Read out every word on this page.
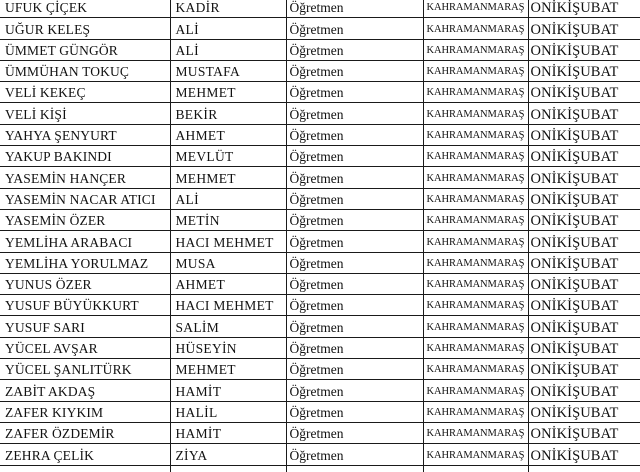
UFUK ÇİÇEK	KADİR	Öğretmen	KAHRAMANMARAŞ	ONİKİŞUBAT
UĞUR KELEŞ	ALİ	Öğretmen	KAHRAMANMARAŞ	ONİKİŞUBAT
ÜMMET GÜNGÖR	ALİ	Öğretmen	KAHRAMANMARAŞ	ONİKİŞUBAT
ÜMMÜHAN TOKUÇ	MUSTAFA	Öğretmen	KAHRAMANMARAŞ	ONİKİŞUBAT
VELİ KEKEÇ	MEHMET	Öğretmen	KAHRAMANMARAŞ	ONİKİŞUBAT
VELİ KİŞİ	BEKİR	Öğretmen	KAHRAMANMARAŞ	ONİKİŞUBAT
YAHYA ŞENYURT	AHMET	Öğretmen	KAHRAMANMARAŞ	ONİKİŞUBAT
YAKUP BAKINDI	MEVLÜT	Öğretmen	KAHRAMANMARAŞ	ONİKİŞUBAT
YASEMİN HANÇER	MEHMET	Öğretmen	KAHRAMANMARAŞ	ONİKİŞUBAT
YASEMİN NACAR ATICI	ALİ	Öğretmen	KAHRAMANMARAŞ	ONİKİŞUBAT
YASEMİN ÖZER	METİN	Öğretmen	KAHRAMANMARAŞ	ONİKİŞUBAT
YEMLİHA ARABACI	HACI MEHMET	Öğretmen	KAHRAMANMARAŞ	ONİKİŞUBAT
YEMLİHA YORULMAZ	MUSA	Öğretmen	KAHRAMANMARAŞ	ONİKİŞUBAT
YUNUS ÖZER	AHMET	Öğretmen	KAHRAMANMARAŞ	ONİKİŞUBAT
YUSUF BÜYÜKKURT	HACI MEHMET	Öğretmen	KAHRAMANMARAŞ	ONİKİŞUBAT
YUSUF SARI	SALİM	Öğretmen	KAHRAMANMARAŞ	ONİKİŞUBAT
YÜCEL AVŞAR	HÜSEYİN	Öğretmen	KAHRAMANMARAŞ	ONİKİŞUBAT
YÜCEL ŞANLITÜRK	MEHMET	Öğretmen	KAHRAMANMARAŞ	ONİKİŞUBAT
ZABİT AKDAŞ	HAMİT	Öğretmen	KAHRAMANMARAŞ	ONİKİŞUBAT
ZAFER KIYKIM	HALİL	Öğretmen	KAHRAMANMARAŞ	ONİKİŞUBAT
ZAFER ÖZDEMİR	HAMİT	Öğretmen	KAHRAMANMARAŞ	ONİKİŞUBAT
ZEHRA ÇELİK	ZİYA	Öğretmen	KAHRAMANMARAŞ	ONİKİŞUBAT
